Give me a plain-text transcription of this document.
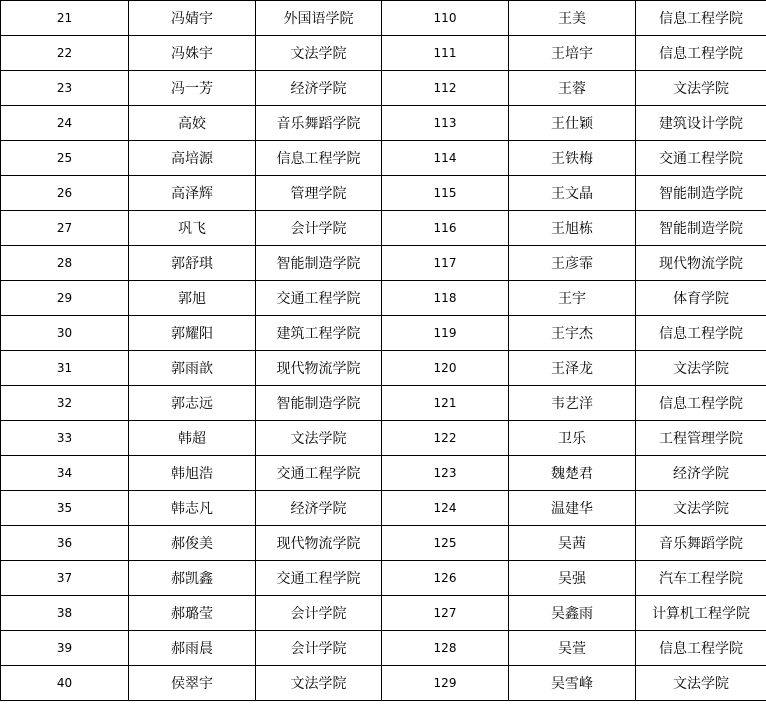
21	冯婧宇	外国语学院	110	王美	信息工程学院
22	冯姝宇	文法学院	111	王培宇	信息工程学院
23	冯一芳	经济学院	112	王蓉	文法学院
24	高姣	音乐舞蹈学院	113	王仕颖	建筑设计学院
25	高培源	信息工程学院	114	王铁梅	交通工程学院
26	高泽辉	管理学院	115	王文晶	智能制造学院
27	巩飞	会计学院	116	王旭栋	智能制造学院
28	郭舒琪	智能制造学院	117	王彦霏	现代物流学院
29	郭旭	交通工程学院	118	王宇	体育学院
30	郭耀阳	建筑工程学院	119	王宇杰	信息工程学院
31	郭雨歆	现代物流学院	120	王泽龙	文法学院
32	郭志远	智能制造学院	121	韦艺洋	信息工程学院
33	韩超	文法学院	122	卫乐	工程管理学院
34	韩旭浩	交通工程学院	123	魏楚君	经济学院
35	韩志凡	经济学院	124	温建华	文法学院
36	郝俊美	现代物流学院	125	吴茜	音乐舞蹈学院
37	郝凯鑫	交通工程学院	126	吴强	汽车工程学院
38	郝璐莹	会计学院	127	吴鑫雨	计算机工程学院
39	郝雨晨	会计学院	128	吴萱	信息工程学院
40	侯翠宇	文法学院	129	吴雪峰	文法学院
